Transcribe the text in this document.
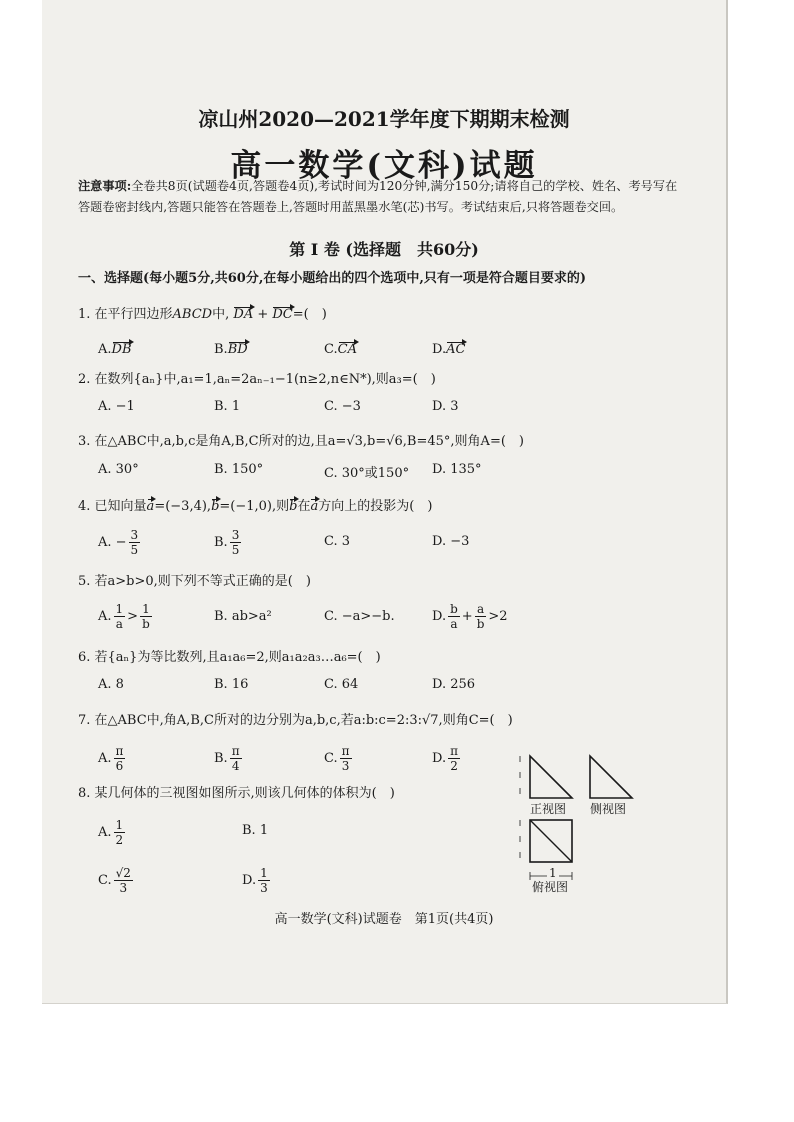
凉山州2020—2021学年度下期期末检测
高一数学(文科)试题
注意事项:全卷共8页(试题卷4页,答题卷4页),考试时间为120分钟,满分150分;请将自己的学校、姓名、考号写在答题卷密封线内,答题只能答在答题卷上,答题时用蓝黑墨水笔(芯)书写。考试结束后,只将答题卷交回。
第 I 卷 (选择题　共60分)
一、选择题(每小题5分,共60分,在每小题给出的四个选项中,只有一项是符合题目要求的)
1. 在平行四边形ABCD中, DA + DC=(　)
A.DB	B.BD	C.CA	D.AC
2. 在数列{aₙ}中,a₁=1,aₙ=2aₙ₋₁−1(n≥2,n∈N*),则a₃=(　)
A. −1	B. 1	C. −3	D. 3
3. 在△ABC中,a,b,c是角A,B,C所对的边,且a=√3,b=√6,B=45°,则角A=(　)
A. 30°	B. 150°	C. 30°或150° D. 135°
4. 已知向量a=(−3,4),b=(−1,0),则b在a方向上的投影为(　)
A. − $\frac{3}{5}$	B. $\frac{3}{5}$	C. 3	D. −3
5. 若a>b>0,则下列不等式正确的是(　)
A. $\frac{1}{a} > \frac{1}{b}$	B. ab>a²	C. −a>−b.	D. $\frac{b}{a} + \frac{a}{b} >2$
6. 若{aₙ}为等比数列,且a₁a₆=2,则a₁a₂a₃…a₆=(　)
A. 8	B. 16	C. 64	D. 256
7. 在△ABC中,角A,B,C所对的边分别为a,b,c,若a:b:c=2:3:√7,则角C=(　)
A. $\frac{\pi}{6}$	B. $\frac{\pi}{4}$	C. $\frac{\pi}{3}$	D. $\frac{\pi}{2}$
8. 某几何体的三视图如图所示,则该几何体的体积为(　)
A. $\frac{1}{2}$	B. 1
C. $\frac{√2}{3}$	D. $\frac{1}{3}$
正视图 侧视图
1
俯视图
高一数学(文科)试题卷　第1页(共4页)
